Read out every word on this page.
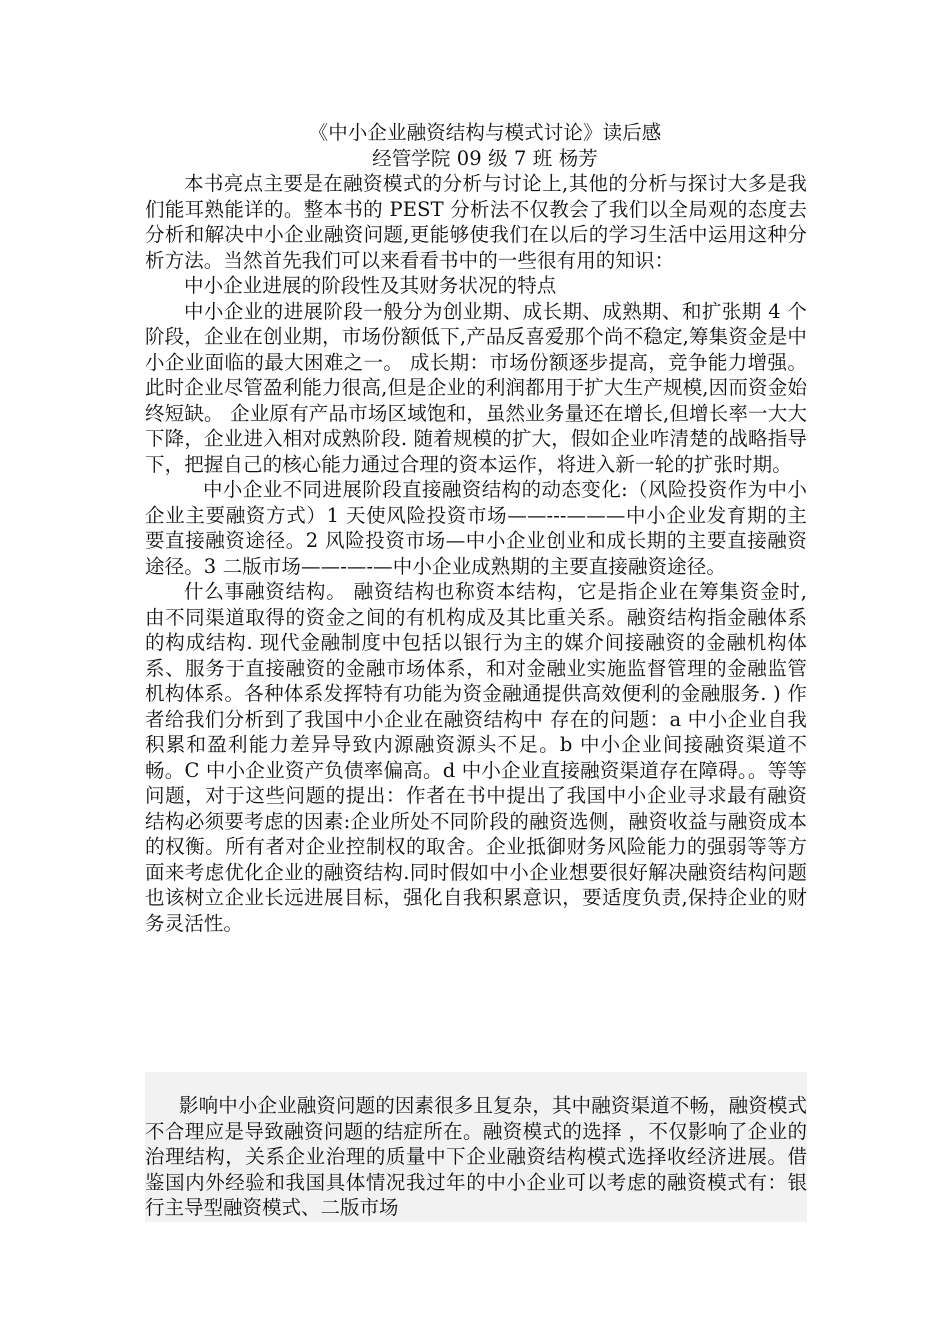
《中小企业融资结构与模式讨论》读后感

经管学院 09 级 7 班 杨芳

本书亮点主要是在融资模式的分析与讨论上,其他的分析与探讨大多是我们能耳熟能详的。整本书的 PEST 分析法不仅教会了我们以全局观的态度去分析和解决中小企业融资问题,更能够使我们在以后的学习生活中运用这种分析方法。当然首先我们可以来看看书中的一些很有用的知识：

中小企业进展的阶段性及其财务状况的特点

中小企业的进展阶段一般分为创业期、成长期、成熟期、和扩张期 4 个阶段，企业在创业期，市场份额低下,产品反喜爱那个尚不稳定,筹集资金是中小企业面临的最大困难之一。 成长期：市场份额逐步提高，竞争能力增强。 此时企业尽管盈利能力很高,但是企业的利润都用于扩大生产规模,因而资金始终短缺。 企业原有产品市场区域饱和，虽然业务量还在增长,但增长率一大大下降，企业进入相对成熟阶段. 随着规模的扩大，假如企业咋清楚的战略指导下，把握自己的核心能力通过合理的资本运作，将进入新一轮的扩张时期。

中小企业不同进展阶段直接融资结构的动态变化:（风险投资作为中小企业主要融资方式）1 天使风险投资市场——---———中小企业发育期的主要直接融资途径。2 风险投资市场—中小企业创业和成长期的主要直接融资途径。3 二版市场——-—-—中小企业成熟期的主要直接融资途径。

什么事融资结构。 融资结构也称资本结构，它是指企业在筹集资金时, 由不同渠道取得的资金之间的有机构成及其比重关系。融资结构指金融体系的构成结构. 现代金融制度中包括以银行为主的媒介间接融资的金融机构体系、服务于直接融资的金融市场体系，和对金融业实施监督管理的金融监管机构体系。各种体系发挥特有功能为资金融通提供高效便利的金融服务. ) 作者给我们分析到了我国中小企业在融资结构中 存在的问题：a 中小企业自我积累和盈利能力差异导致内源融资源头不足。b 中小企业间接融资渠道不畅。C 中小企业资产负债率偏高。d 中小企业直接融资渠道存在障碍。。等等问题，对于这些问题的提出：作者在书中提出了我国中小企业寻求最有融资结构必须要考虑的因素:企业所处不同阶段的融资选侧，融资收益与融资成本的权衡。所有者对企业控制权的取舍。企业抵御财务风险能力的强弱等等方面来考虑优化企业的融资结构.同时假如中小企业想要很好解决融资结构问题也该树立企业长远进展目标，强化自我积累意识，要适度负责,保持企业的财务灵活性。

影响中小企业融资问题的因素很多且复杂，其中融资渠道不畅，融资模式不合理应是导致融资问题的结症所在。融资模式的选择 ，不仅影响了企业的治理结构，关系企业治理的质量中下企业融资结构模式选择收经济进展。借鉴国内外经验和我国具体情况我过年的中小企业可以考虑的融资模式有：银行主导型融资模式、二版市场
